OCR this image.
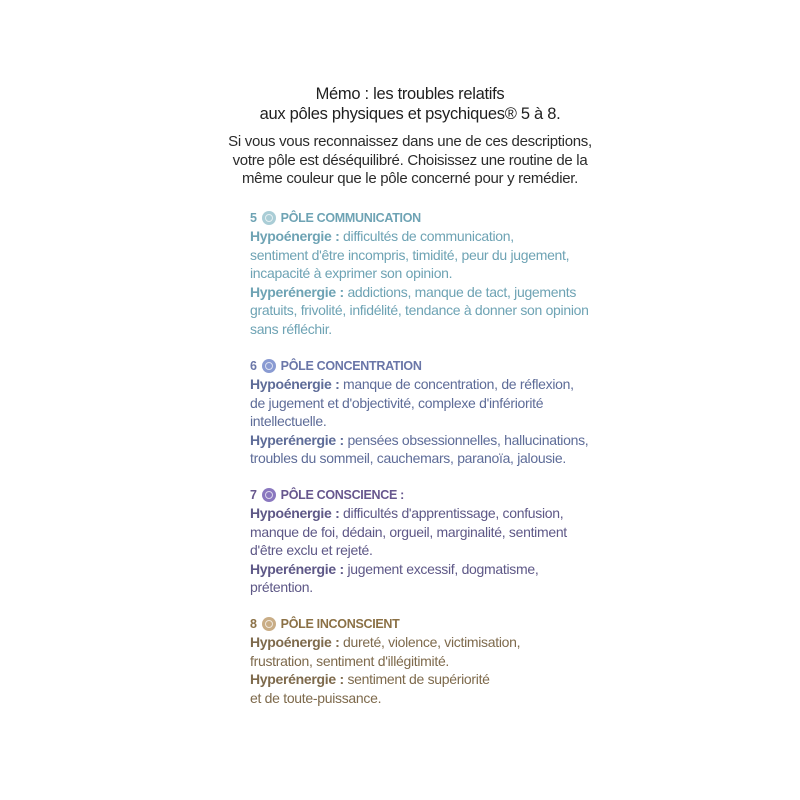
Mémo : les troubles relatifs
aux pôles physiques et psychiques® 5 à 8.
Si vous vous reconnaissez dans une de ces descriptions,
votre pôle est déséquilibré. Choisissez une routine de la
même couleur que le pôle concerné pour y remédier.
5 PÔLE COMMUNICATION
Hypoénergie : difficultés de communication,
sentiment d'être incompris, timidité, peur du jugement,
incapacité à exprimer son opinion.
Hyperénergie : addictions, manque de tact, jugements
gratuits, frivolité, infidélité, tendance à donner son opinion
sans réfléchir.
6 PÔLE CONCENTRATION
Hypoénergie : manque de concentration, de réflexion,
de jugement et d'objectivité, complexe d'infériorité
intellectuelle.
Hyperénergie : pensées obsessionnelles, hallucinations,
troubles du sommeil, cauchemars, paranoïa, jalousie.
7 PÔLE CONSCIENCE :
Hypoénergie : difficultés d'apprentissage, confusion,
manque de foi, dédain, orgueil, marginalité, sentiment
d'être exclu et rejeté.
Hyperénergie : jugement excessif, dogmatisme,
prétention.
8 PÔLE INCONSCIENT
Hypoénergie : dureté, violence, victimisation,
frustration, sentiment d'illégitimité.
Hyperénergie : sentiment de supériorité
et de toute-puissance.
